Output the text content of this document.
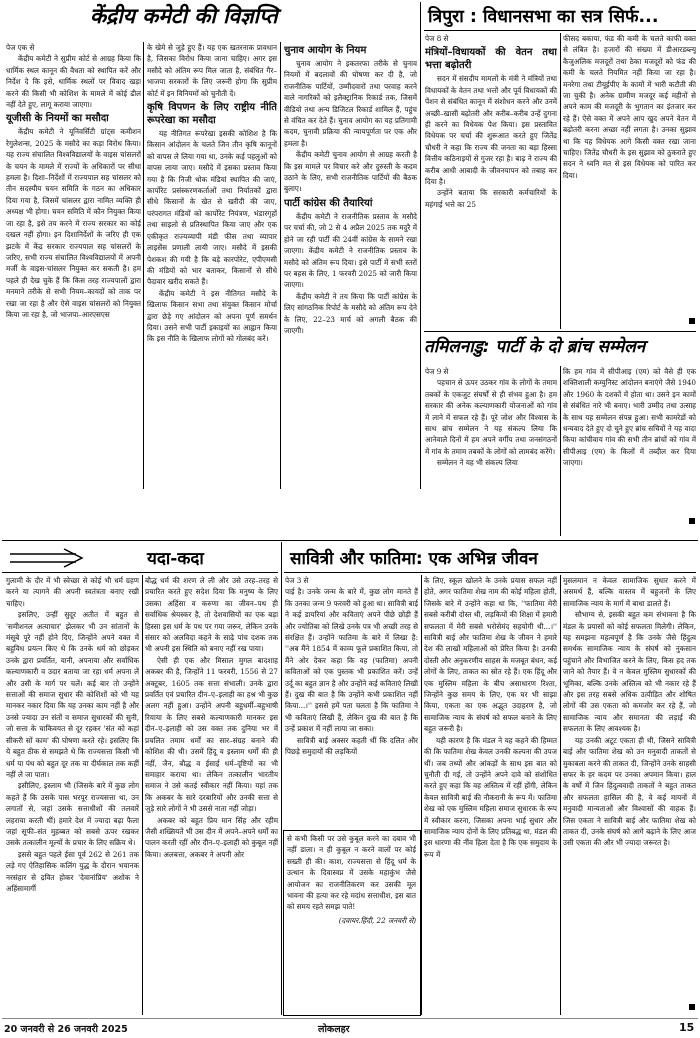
केंद्रीय कमेटी की विज्ञप्ति
पेज एक से
केंद्रीय कमेटी ने सुप्रीम कोर्ट से आग्रह किया कि धार्मिक स्थल कानून की वैधता को स्थापित करें और निर्देश दे कि इसे, धार्मिक स्थलों पर विवाद खड़ा करने की किसी भी कोशिश के मामले में कोई ढील नहीं देते हुए, लागू कराया जाएगा।
यूजीसी के नियमों का मसौदा
केंद्रीय कमेटी ने यूनिवर्सिटी ग्रांट्स कमीशन रेगुलेशन्स, 2025 के मसौदे का कड़ा विरोध किया। यह राज्य संचालित विश्वविद्यालयों के वाइस चांसलरों के चयन के मामले में राज्यों के अधिकारों पर सीधा हमला है। दिशा–निर्देशों में राज्यपाल सह चांसलर को तीन सदस्यीय चयन समिति के गठन का अधिकार दिया गया है, जिसमें चांसलर द्वारा नामित व्यक्ति ही अध्यक्ष भी होगा। चयन समिति में कौन नियुक्त किया जा रहा है, इसे तय करने में राज्य सरकार का कोई दखल नहीं होगा। इन दिशानिर्देशों के जरिए ही एक झटके में केंद्र सरकार राज्यपाल सह चांसलरों के जरिए, सभी राज्य संचालित विश्वविद्यालयों में अपनी मर्जी के वाइस-चांसलर नियुक्त कर सकती है। हम पहले ही देख चुके हैं कि किस तरह राज्यपालों द्वारा मनमाने तरीके से सभी नियम–कायदों को ताक पर रखा जा रहा है और ऐसे वाइस चांसलरों को नियुक्त किया जा रहा है, जो भाजपा–आरएसएस
के खेमे से जुड़े हुए हैं। यह एक खतरनाक प्रावधान है, जिसका विरोध किया जाना चाहिए। अगर इस मसौदे को अंतिम रूप मिल जाता है, संबंधित गैर–भाजपा सरकारों के लिए जरूरी होगा कि सुप्रीम कोर्ट में इन विनियमों को चुनौती दें।
कृषि विपणन के लिए राष्ट्रीय नीति रूपरेखा का मसौदा
यह नीतिगत रूपरेखा इसकी कोशिश है कि किसान आंदोलन के चलते जिन तीन कृषि कानूनों को वापस ले लिया गया था, उनके कई पहलुओं को वापस लाया जाए। मसौदे में इसका प्रस्ताव किया गया है कि निजी थोक मंडियां स्थापित की जाएं, कार्पोरेट प्रसंस्करणकर्ताओं तथा निर्यातकों द्वारा सीधे किसानों के खेत से खरीदी की जाए, परंपरागत मंडियों को कार्पोरेट नियंत्रण, भंडारगृहों तथा साइलो से प्रतिस्थापित किया जाए और एक एकीकृत राज्यव्यापी मंडी फीस तथा व्यापार लाइसेंस प्रणाली लायी जाए। मसौदे में इसकी पेशकश की गयी है कि बड़े कारपोरेट, एपीएमसी की मंडियों को भार बताकर, किसानों से सीधे पैदावार खरीद सकते हैं।
केंद्रीय कमेटी ने इस नीतिगत मसौदे के खिलाफ किसान सभा तथा संयुक्त किसान मोर्चा द्वारा छेड़े गए आंदोलन को अपना पूर्ण समर्थन दिया। उसने सभी पार्टी इकाइयों का आह्वान किया कि इस नीति के खिलाफ लोगों को गोलबंद करें।
चुनाव आयोग के नियम
चुनाव आयोग ने इकतरफा तरीके से चुनाव नियमों में बदलावों की घोषणा कर दी है, जो राजनीतिक पार्टियों, उम्मीदवारों तथा परवाह करने वाले नागरिकों को इलैक्ट्रानिक रिकार्ड तक, जिसमें वीडियो तथा अन्य डिजिटल रिकार्ड शामिल हैं, पहुंच से वंचित कर देते हैं। चुनाव आयोग का यह प्रतिगामी कदम, चुनावी प्रक्रिया की न्यायपूर्णता पर एक और हमला है।
केंद्रीय कमेटी चुनाव आयोग से आग्रह करती है कि इस मामले पर विचार करे और दुरुस्ती के कदम उठाने के लिए, सभी राजनीतिक पार्टियों की बैठक बुलाए।
पार्टी कांग्रेस की तैयारियां
केंद्रीय कमेटी ने राजनीतिक प्रस्ताव के मसौदे पर चर्चा की, जो 2 से 4 अप्रैल 2025 तक मदुरै में होने जा रही पार्टी की 24वीं कांग्रेस के सामने रखा जाएगा। केंद्रीय कमेटी ने राजनीतिक प्रस्ताव के मसौदे को अंतिम रूप दिया। इसे पार्टी में सभी स्तरों पर बहस के लिए, 1 फरवरी 2025 को जारी किया जाएगा।
केंद्रीय कमेटी ने तय किया कि पार्टी कांग्रेस के लिए सांगठनिक रिपोर्ट के मसौदे को अंतिम रूप देने के लिए, 22–23 मार्च को अगली बैठक की जाएगी।
त्रिपुरा : विधानसभा का सत्र सिर्फ...
पेज 8 से
मंत्रियों–विधायकों की वेतन तथा भत्ता बढ़ोतरी
सदन में संसदीय मामलों के मंत्री ने मंत्रियों तथा विधायकों के वेतन तथा भत्तों और पूर्व विधायकों की पेंशन से संबंधित कानून में संशोधन करने और उनमें अच्छी–खासी बढ़ोतरी और करीब–करीब उन्हें दुगना ही करने का विधेयक पेश किया। इस प्रस्तावित विधेयक पर चर्चा की शुरूआत करते हुए जितेंद्र चौधरी ने कहा कि राज्य की जनता का बड़ा हिस्सा वित्तीय कठिनाइयों से गुजर रहा है। बाढ़ ने राज्य की करीब आधी आबादी के जीवनयापन को तबाह कर दिया है।
उन्होंने बताया कि सरकारी कर्मचारियों के महंगाई भत्ते का 25
फीसद बकाया, फंड की कमी के चलते काफी वक्त से लंबित है। हजारों की संख्या में डीआरडब्ल्यू कैजुअलिक मजदूरों तथा ठेका मजदूरों को फंड की कमी के चलते नियमित नहीं किया जा रहा है। मनरेगा तथा टीयूईपीए के कामों में भारी कटौती की जा चुकी है। अनेक ग्रामीण मजदूर कई महीनों से अपने काम की मजदूरी के भुगतान का इंतजार कर रहे हैं। ऐसे वक्त में अपने आप खुद अपने वेतन में बढ़ोतरी करना अच्छा नहीं लगता है। उनका सुझाव था कि यह विधेयक आगे किसी वक्त रखा जाना चाहिए। जितेंद्र चौधरी के इस सुझाव को ठुकराते हुए सदन ने ध्वनि मत से इस विधेयक को पारित कर दिया।
तमिलनाडु: पार्टी के दो ब्रांच सम्मेलन
पेज 9 से
पहचान से ऊपर उठकर गांव के लोगों के तमाम तबकों के एकजुट संघर्षों से ही संभव हुआ है। हम सरकार की अनेक कल्याणकारी योजनाओं को गांव में लाने में सफल रहे हैं। पूरे जोश और विश्वास के साथ ब्रांच सम्मेलन ने यह संकल्प लिया कि आनेवाले दिनों में हम अपने वर्गीय तथा जनसंगठनों में गांव के तमाम तबकों के लोगों को लामबंद करेंगे।
सम्मेलन ने यह भी संकल्प लिया
कि हम गांव में सीपीआइ (एम) को वैसे ही एक शक्तिशाली कम्युनिस्ट आंदोलन बनाएंगे जैसे 1940 और 1960 के दशकों में होता था। उसने इन कामों से संबंधित नारे भी बनाए। भारी उम्मीद तथा उत्साह के साथ यह सम्मेलन संपन्न हुआ। सभी कामरेडों को धन्यवाद देते हुए दो चुने हुए ब्रांच सचिवों ने यह वादा किया कांचीवाय गांव की सभी तीन ब्रांचों को गांव में सीपीआइ (एम) के किलों में तब्दील कर दिया जाएगा।
यदा-कदा
गुलामी के दौर में भी स्वेच्छा से कोई भी धर्म ग्रहण करने या त्यागने की अपनी स्वतंत्रता बनाए रखी चाहिए।
इसलिए, उन्हीं सुदूर अतीत में बहुत से 'समीशनल अत्याचार' झेलकर भी उन सांतानों के मंसूबे पूरे नहीं होने दिए, जिन्होंने अपने वक्त में बहुविध प्रयत्न किए थे कि उनके धर्म को छोड़कर उनके द्वारा प्रवर्तित, यानी, अपनाया और सर्वाधिक कल्याणकारी व उदार बताया जा रहा धर्म अपना लें और उसी के मार्ग पर चलें। कई बार तो उन्होंने सत्ताओं की समाज सुधार की कोशिशों को भी यह मानकर नकार दिया कि यह उनका काम नहीं है और उनसे ज्यादा उन संतों व समाज सुधारकों की सुनी, जो सत्ता के चाकिवयत से दूर रहकर 'संत को कहां सीकरी सों काम' की घोषणा करते रहे। इसलिए कि ये बहुत ठीक से समझते थे कि राज्यसत्ता किसी भी धर्म या पंथ को बहुत दूर तक या दीर्घकाल तक कहीं नहीं ले जा पाता।
इसीलिए, इस्लाम भी (जिसके बारे में कुछ लोग कहते हैं कि उसके पास भरपूर राज्यसत्ता था, उन लगातों से, जहां उसके सत्ताधीशों की तलवारें लहराया करती थीं) हमारे देश में ज्यादा बढ़ा फैला जहां सूफी–संत मुहब्बत को सबसे ऊपर रखकर उसके तत्कालीन मूल्यों के प्रचार के लिए सक्रिय थे।
इससे बहुत पहले ईसा पूर्व 262 से 261 तक लड़े गए ऐतिहासिक कलिंग युद्ध के दौरान भयानक नरसंहार से द्रवित होकर 'देवानांप्रिय' अशोक ने अहिंसामार्गी
बौद्ध धर्म की शरण ले ली और उसे तरह–तरह से प्रचारित करते हुए सदेश दिया कि मनुष्य के लिए उसका अहिंसा व करुणा का जीवन–पथ ही सर्वाधिक श्रेयस्कर है, तो देशवासियों का एक बड़ा हिस्सा इस धर्म के पथ पर गया जरूर, लेकिन उनके संसार को अलविदा कहने के साढ़े पांच दशक तक भी अपनी इस स्थिति को बनाए नहीं रख पाया।
ऐसी ही एक और मिसाल मुगल बादशाह अकबर की है, जिन्होंने 11 फरवरी, 1556 से 27 अक्टूबर, 1605 तक सत्ता संभाली। उनके द्वारा प्रवर्तित एवं प्रचारित दीन–ए–इलाही का हश्र भी कुछ अलग नहीं हुआ। उन्होंने अपनी बहुधर्मी–बहुभाषी रियाया के लिए सबसे कल्याणकारी मानकर इस दीन–ए–इलाही को उस वक्त तक दुनिया भर में प्रचलित तमाम धर्मों का सार–संग्रह बनाने की कोशिश की थी। उसमें हिंदू व इस्लाम धर्मों की ही नहीं, जैन, बौद्ध व ईसाई धर्म–दृष्टियों का भी समाहार कराया था। लेकिन तत्कालीन भारतीय समाज ने उसे कतई स्वीकार नहीं किया। यहां तक कि अकबर के सारे दरबारियों और उनकी सत्ता से जुड़े सारे लोगों ने भी उससे नाता नहीं जोड़ा।
अकबर को बहुत प्रिय मान सिंह और रहीम जैसी शख्सियतें भी उस दीन में अपने–अपने धर्मों का पालन करती रहीं और दीन–ए–इलाही को कुबूल नहीं किया। अलबत्ता, अकबर ने अपनी ओर
सावित्री और फातिमा: एक अभिन्न जीवन
पेज 3 से
पाई है। उनके जन्म के बारे में, कुछ लोग मानते हैं कि उनका जन्म 9 फरवरी को हुआ था। सावित्री बाई ने कई डायरियां और कविताएं अपने पीछे छोड़ी हैं और ज्योतिबा को लिखे उनके पत्र भी अच्छी तरह से संरक्षित हैं। उन्होंने फातिमा के बारे में लिखा है: ''अब मैंने 1854 में काव्य फूले प्रकाशित किया, तो मैंने ओर देकर कहा कि वह (फातिमा) अपनी कविताओं को एक पुस्तक भी प्रकाशित करें। उन्हें उर्दू का बहुत ज्ञान है और उन्होंने कई कविताएं लिखी हैं। दुख की बात है कि उन्होंने कभी प्रकाशित नहीं किया...।'' इससे हमें पता चलता है कि फातिमा ने भी कविताएं लिखी हैं, लेकिन दुख की बात है कि उन्हें प्रकाश में नहीं लाया जा सका।
सावित्री बाई अक्सर कहती थीं कि दलित और पिछड़े समुदायों की लड़कियों
के लिए, स्कूल खोलने के उनके प्रयास सफल नहीं होते, अगर फातिमा शेख नाम की कोई महिला होती, जिसके बारे में उन्होंने कहा था कि, ''फातिमा मेरी सबसे करीबी दोस्त थी, लड़कियों की शिक्षा में हमारी सफलता में मेरी सबसे भरोसेमंद सहयोगी थी...।'' सावित्री बाई और फातिमा शेख के जीवन ने हमारे देश की लाखों महिलाओं को प्रेरित किया है। उनकी दोस्ती और अनुकरणीय साहस के मजबूत बंधन, कई लोगों के लिए, ताकत का स्रोत रहे हैं। एक हिंदू और एक मुस्लिम महिला के बीच असाधारण रिश्ता, जिन्होंने कुछ समय के लिए, एक घर भी साझा किया, एकता का एक अद्भुत उदाहरण है, जो सामाजिक न्याय के संघर्ष को सफल बनाने के लिए बहुत जरूरी है।
यही कारण है कि मंडल ने यह कहने की हिम्मत की कि फातिमा शेख केवल उनकी कल्पना की उपज थीं। जब तथ्यों और आंकड़ों के साथ इस बात को चुनौती दी गई, तो उन्होंने अपने दावे को संशोधित करते हुए कहा कि वह अस्तित्व में रहीं होंगी, लेकिन केवल सावित्री बाई की नौकरानी के रूप में। फातिमा शेख को एक मुस्लिम महिला समाज सुधारक के रूप में स्वीकार करना, जिसका अपना भाई सुधार और सामाजिक न्याय दोनों के लिए प्रतिबद्ध था, मंडल की इस धारणा की नींव हिला देता है कि एक समुदाय के रूप में
मुसलमान न केवल सामाजिक सुधार करने में असमर्थ हैं, बल्कि वास्तव में बहुजनों के लिए सामाजिक न्याय के मार्ग में बाधा डालते हैं।
सौभाग्य से, इसकी बहुत कम संभावना है कि मंडल के प्रयासों को कोई सफलता मिलेगी। लेकिन, यह समझना महत्वपूर्ण है कि उनके जैसे हिंदुत्व समर्थक सामाजिक न्याय के संघर्ष को नुकसान पहुंचाने और विभाजित करने के लिए, किस हद तक जाने को तैयार हैं। वे न केवल मुस्लिम सुधारकों की भूमिका, बल्कि उनके अस्तित्व को भी नकार रहे हैं और इस तरह सबसे अधिक उत्पीड़ित और शोषित लोगों की उस एकता को कमजोर कर रहे हैं, जो सामाजिक न्याय और समानता की लड़ाई की सफलता के लिए आवश्यक है।
यह उनकी अटूट एकता ही थी, जिसने सावित्री बाई और फातिमा शेख को उन मनुवादी ताकतों से मुकाबला करने की ताकत दी, जिन्होंने उनके साहसी सफर के हर कदम पर उनका अपमान किया। हाल के वर्षों में जिन हिंदुत्ववादी ताकतों ने बहुत ताकत और सफलता हासिल की है, वे कई मायनों में मनुवादी मान्यताओं और विश्वासों की वाहक हैं। जिस एकता ने सावित्री बाई और फातिमा शेख को ताकत दी, उनके संघर्ष को आगे बढ़ाने के लिए आज उसी एकता की और भी ज्यादा जरूरत है।
से कभी किसी पर उसे कुबूल करने का दबाव भी नहीं डाला। न ही कुबूल न करने वालों पर कोई सख्ती ही की। काश, राज्यसत्ता से हिंदू धर्म के उत्थान के दिवास्वप्न में उसके महाकुंभ जैसे आयोजन का राजनीतिकरण कर उसकी मूल भावना की हत्या कर रहे मदांध सत्ताधीश, इस बात को समय रहते समझ पाते!
(दवायर.हिंदी, 22 जनवरी से)
20 जनवरी से 26 जनवरी 2025	लोकलहर	15
